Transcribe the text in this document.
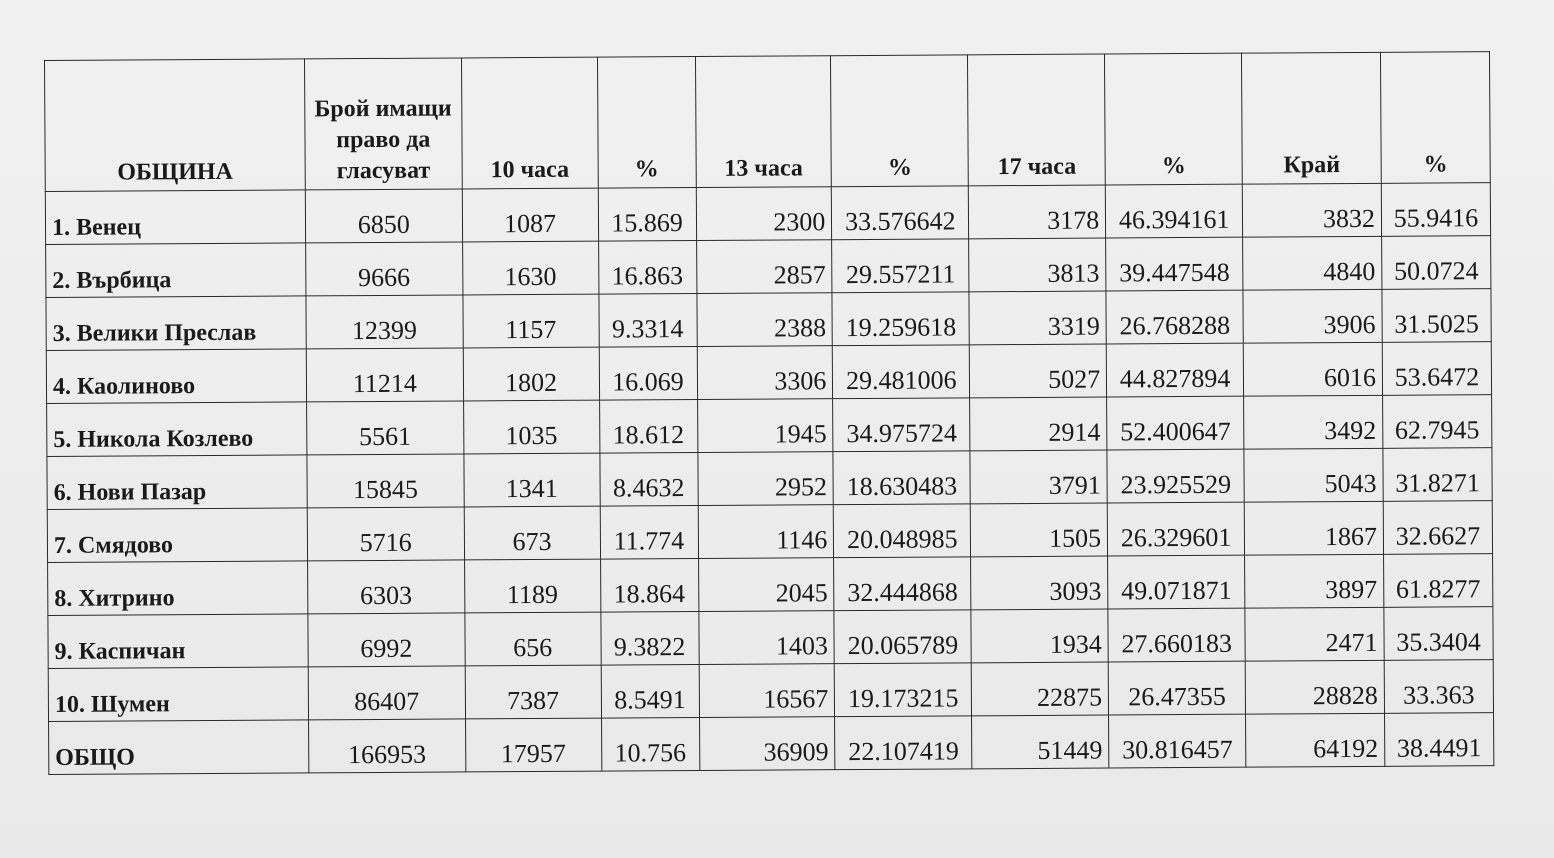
ОБЩИНА	Брой имащи право да гласуват	10 часа	%	13 часа	%	17 часа	%	Край	%
1. Венец	6850	1087	15.869	2300	33.576642	3178	46.394161	3832	55.9416
2. Върбица	9666	1630	16.863	2857	29.557211	3813	39.447548	4840	50.0724
3. Велики Преслав	12399	1157	9.3314	2388	19.259618	3319	26.768288	3906	31.5025
4. Каолиново	11214	1802	16.069	3306	29.481006	5027	44.827894	6016	53.6472
5. Никола Козлево	5561	1035	18.612	1945	34.975724	2914	52.400647	3492	62.7945
6. Нови Пазар	15845	1341	8.4632	2952	18.630483	3791	23.925529	5043	31.8271
7. Смядово	5716	673	11.774	1146	20.048985	1505	26.329601	1867	32.6627
8. Хитрино	6303	1189	18.864	2045	32.444868	3093	49.071871	3897	61.8277
9. Каспичан	6992	656	9.3822	1403	20.065789	1934	27.660183	2471	35.3404
10. Шумен	86407	7387	8.5491	16567	19.173215	22875	26.47355	28828	33.363
ОБЩО	166953	17957	10.756	36909	22.107419	51449	30.816457	64192	38.4491
